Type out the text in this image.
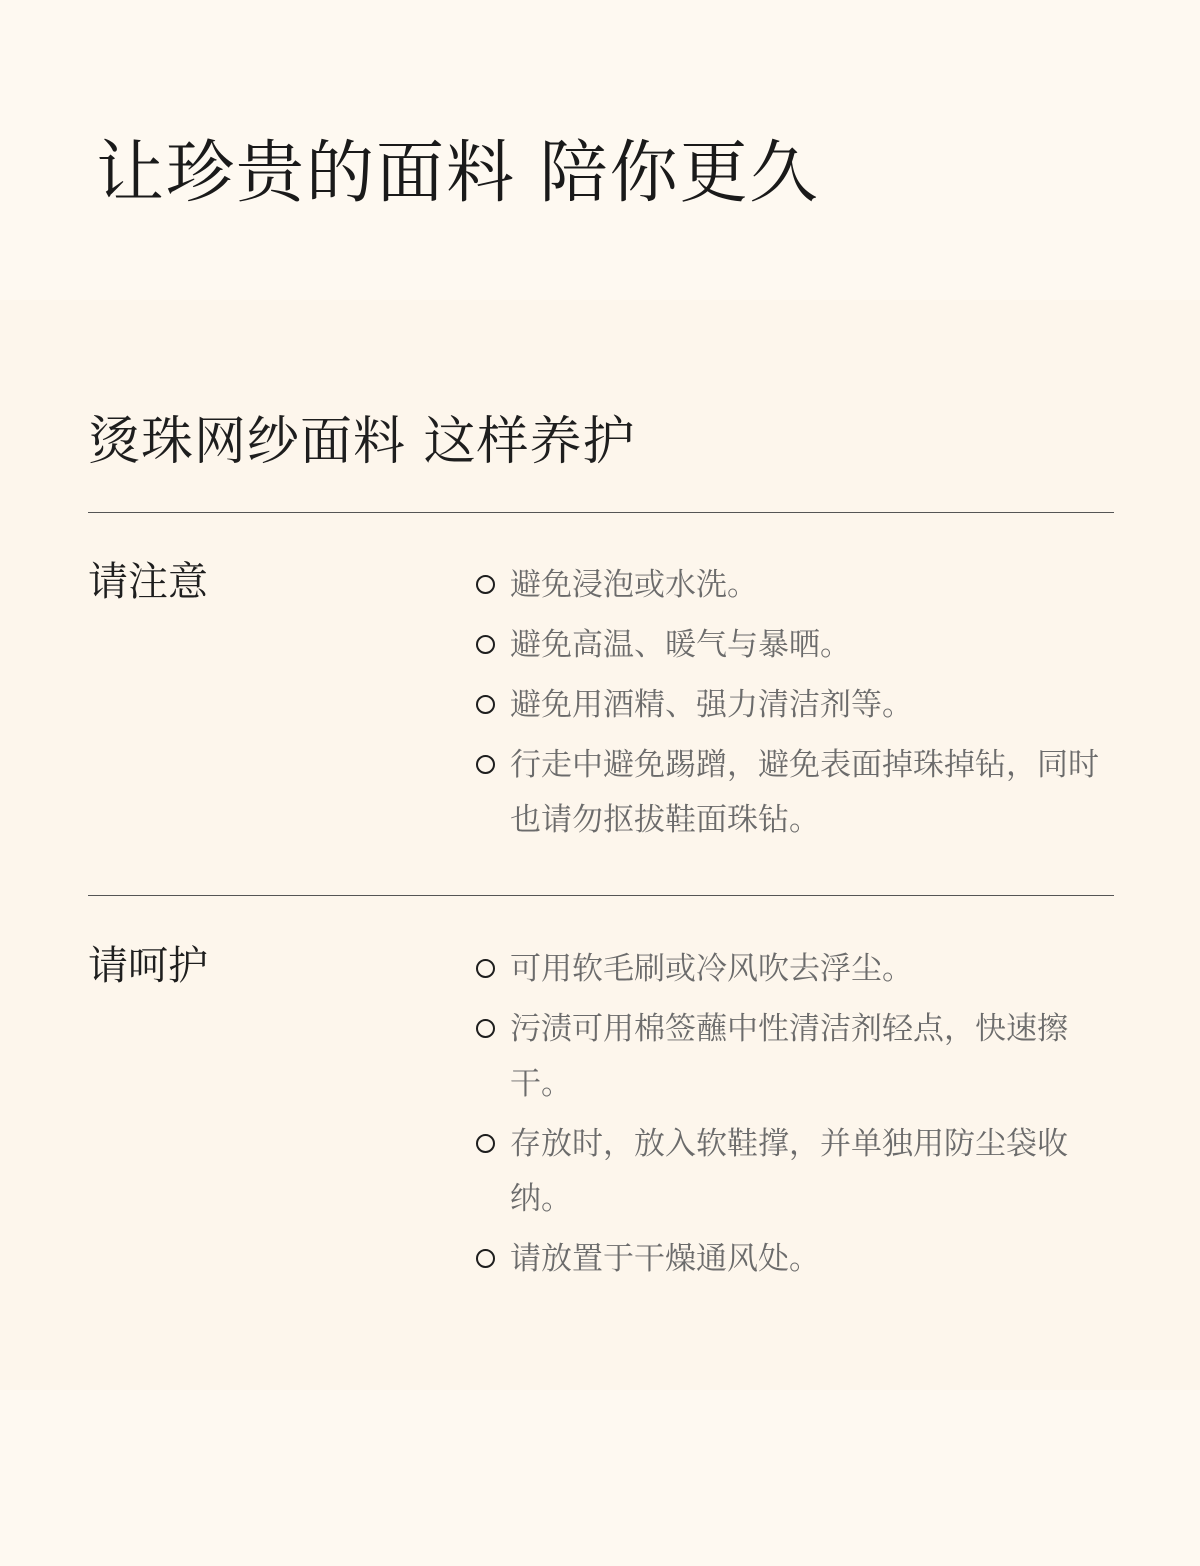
让珍贵的面料 陪你更久
烫珠网纱面料 这样养护
请注意	避免浸泡或水洗。
避免高温、暖气与暴晒。
避免用酒精、强力清洁剂等。
行走中避免踢蹭，避免表面掉珠掉钻，同时也请勿抠拔鞋面珠钻。
请呵护	可用软毛刷或冷风吹去浮尘。
污渍可用棉签蘸中性清洁剂轻点，快速擦干。
存放时，放入软鞋撑，并单独用防尘袋收纳。
请放置于干燥通风处。
